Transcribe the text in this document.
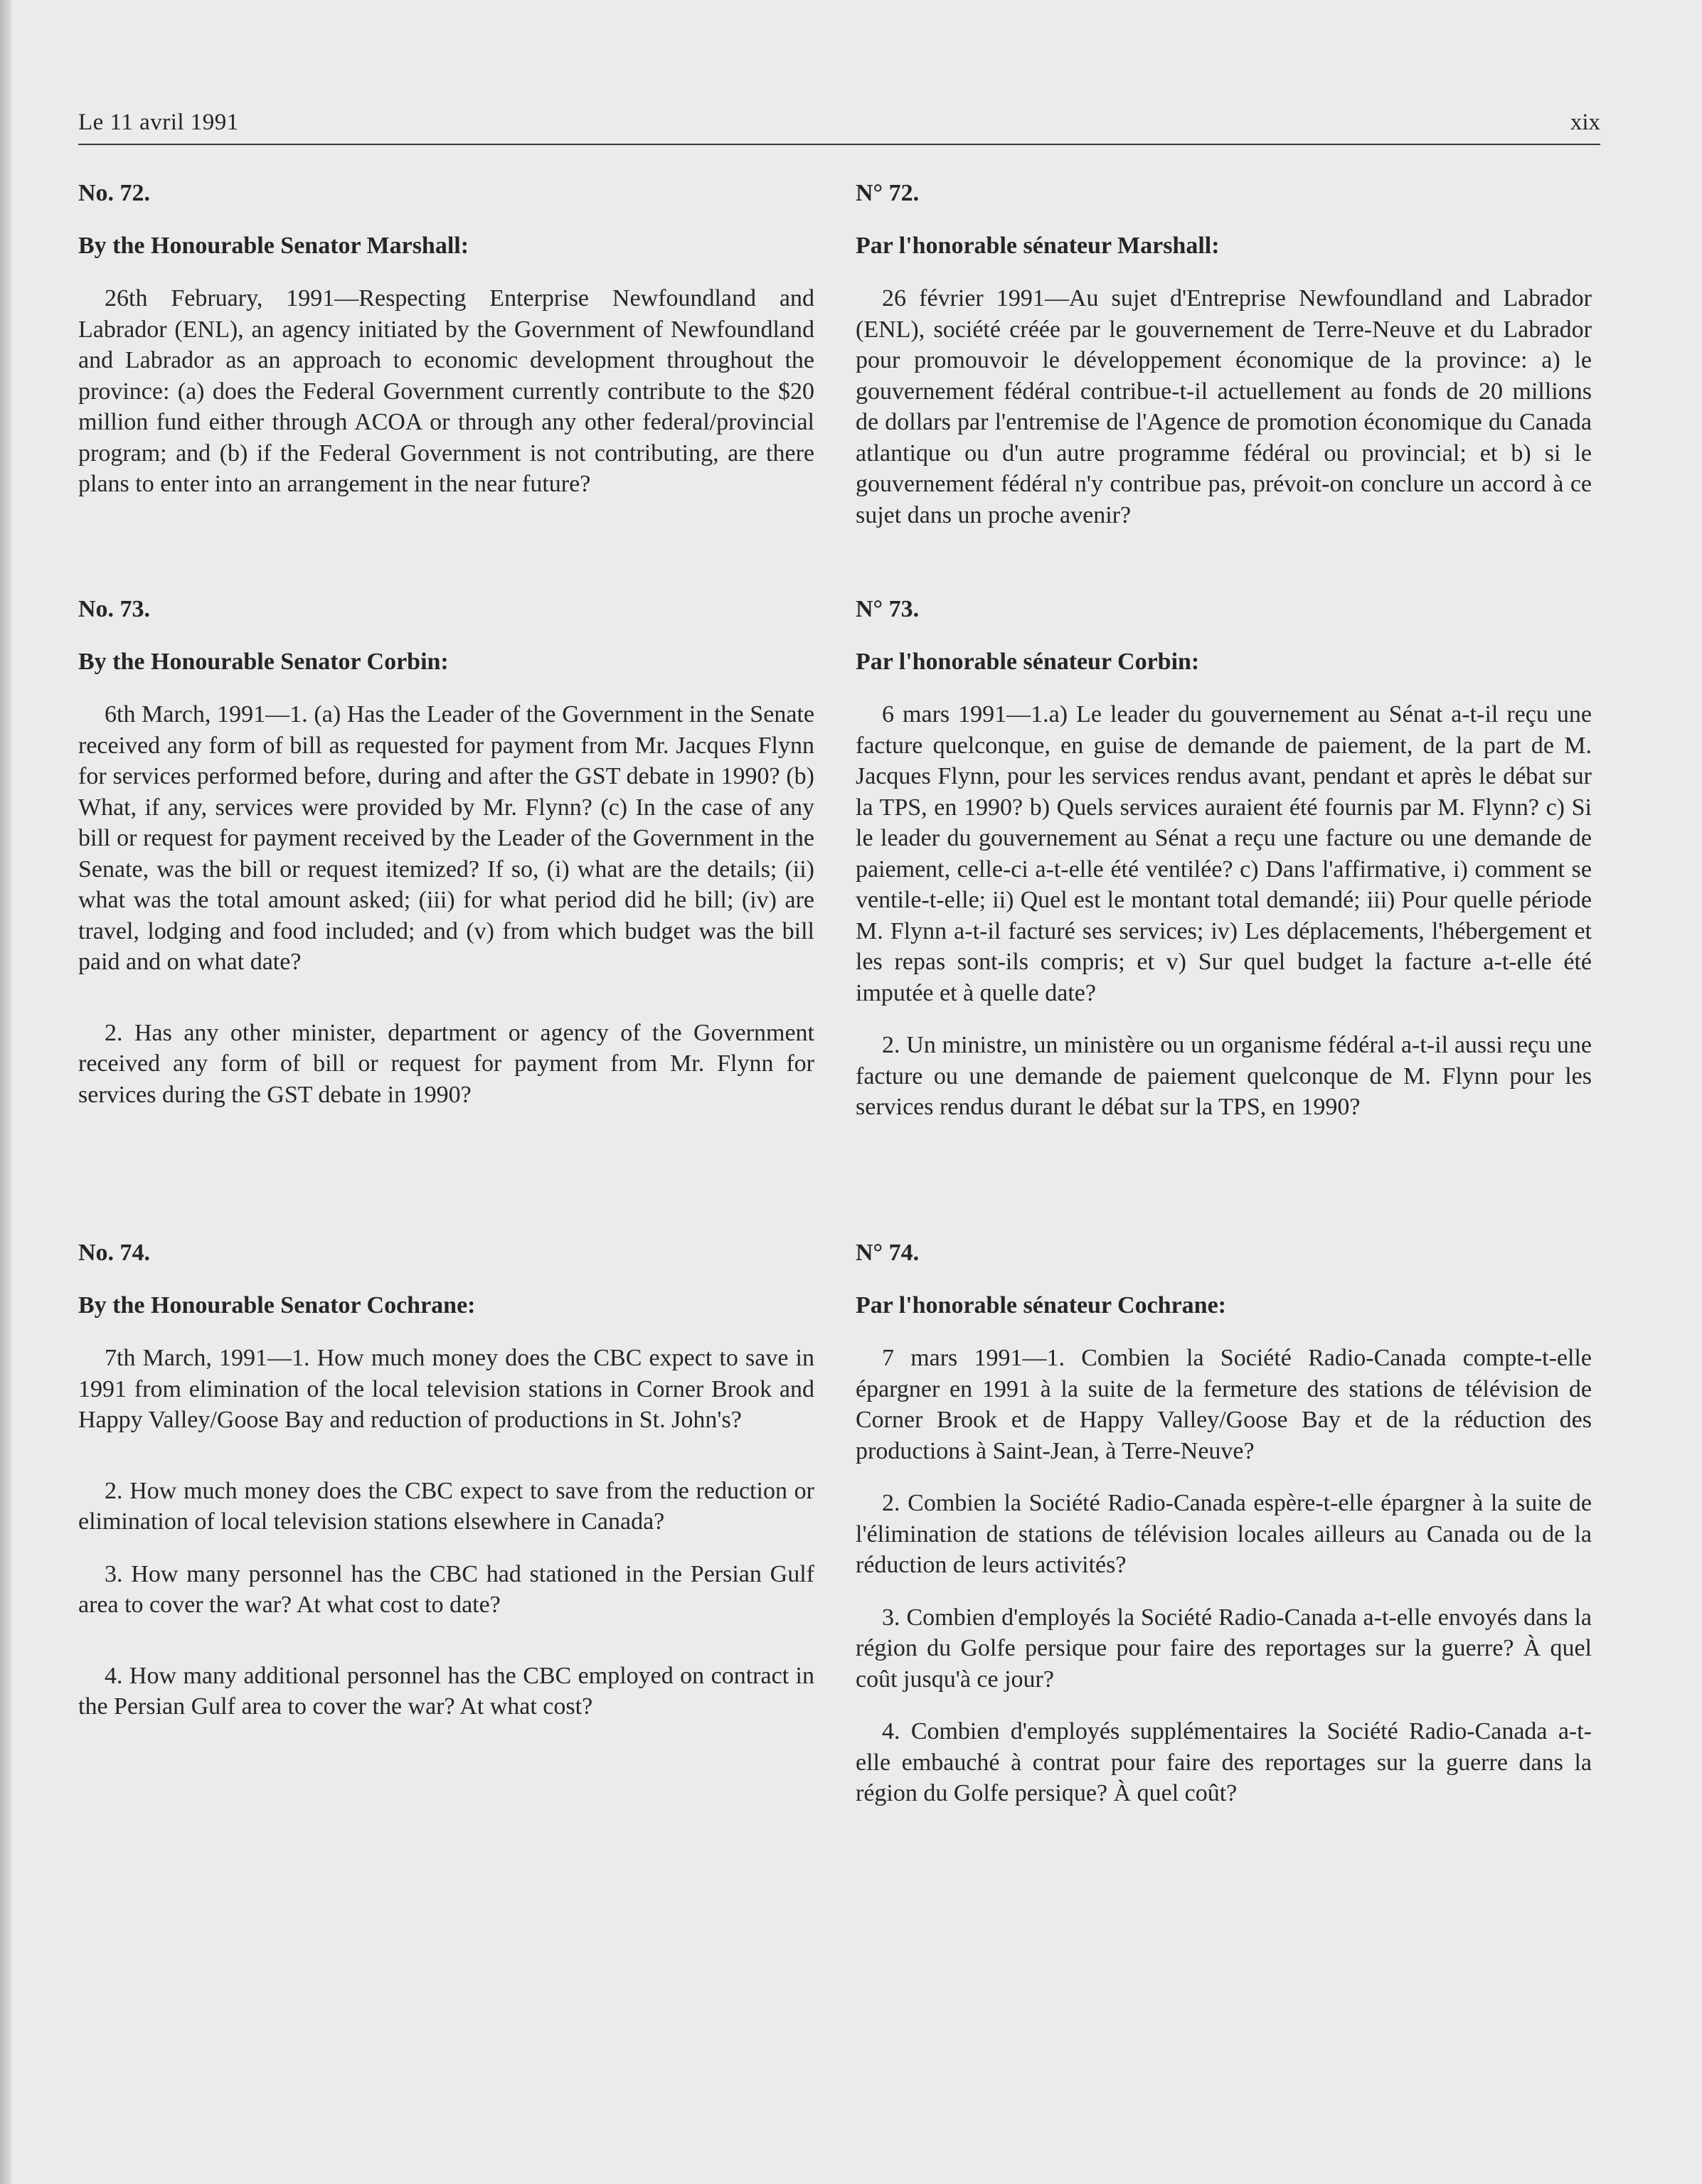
Le 11 avril 1991	xix

No. 72.

By the Honourable Senator Marshall:

26th February, 1991—Respecting Enterprise Newfoundland and Labrador (ENL), an agency initiated by the Government of Newfoundland and Labrador as an approach to economic development throughout the province: (a) does the Federal Government currently contribute to the $20 million fund either through ACOA or through any other federal/provincial program; and (b) if the Federal Government is not contributing, are there plans to enter into an arrangement in the near future?

No. 73.

By the Honourable Senator Corbin:

6th March, 1991—1. (a) Has the Leader of the Government in the Senate received any form of bill as requested for payment from Mr. Jacques Flynn for services performed before, during and after the GST debate in 1990? (b) What, if any, services were provided by Mr. Flynn? (c) In the case of any bill or request for payment received by the Leader of the Government in the Senate, was the bill or request itemized? If so, (i) what are the details; (ii) what was the total amount asked; (iii) for what period did he bill; (iv) are travel, lodging and food included; and (v) from which budget was the bill paid and on what date?

2. Has any other minister, department or agency of the Government received any form of bill or request for payment from Mr. Flynn for services during the GST debate in 1990?

No. 74.

By the Honourable Senator Cochrane:

7th March, 1991—1. How much money does the CBC expect to save in 1991 from elimination of the local television stations in Corner Brook and Happy Valley/Goose Bay and reduction of productions in St. John's?

2. How much money does the CBC expect to save from the reduction or elimination of local television stations elsewhere in Canada?

3. How many personnel has the CBC had stationed in the Persian Gulf area to cover the war? At what cost to date?

4. How many additional personnel has the CBC employed on contract in the Persian Gulf area to cover the war? At what cost?

N° 72.

Par l'honorable sénateur Marshall:

26 février 1991—Au sujet d'Entreprise Newfoundland and Labrador (ENL), société créée par le gouvernement de Terre-Neuve et du Labrador pour promouvoir le développement économique de la province: a) le gouvernement fédéral contribue-t-il actuellement au fonds de 20 millions de dollars par l'entremise de l'Agence de promotion économique du Canada atlantique ou d'un autre programme fédéral ou provincial; et b) si le gouvernement fédéral n'y contribue pas, prévoit-on conclure un accord à ce sujet dans un proche avenir?

N° 73.

Par l'honorable sénateur Corbin:

6 mars 1991—1.a) Le leader du gouvernement au Sénat a-t-il reçu une facture quelconque, en guise de demande de paiement, de la part de M. Jacques Flynn, pour les services rendus avant, pendant et après le débat sur la TPS, en 1990? b) Quels services auraient été fournis par M. Flynn? c) Si le leader du gouvernement au Sénat a reçu une facture ou une demande de paiement, celle-ci a-t-elle été ventilée? c) Dans l'affirmative, i) comment se ventile-t-elle; ii) Quel est le montant total demandé; iii) Pour quelle période M. Flynn a-t-il facturé ses services; iv) Les déplacements, l'hébergement et les repas sont-ils compris; et v) Sur quel budget la facture a-t-elle été imputée et à quelle date?

2. Un ministre, un ministère ou un organisme fédéral a-t-il aussi reçu une facture ou une demande de paiement quelconque de M. Flynn pour les services rendus durant le débat sur la TPS, en 1990?

N° 74.

Par l'honorable sénateur Cochrane:

7 mars 1991—1. Combien la Société Radio-Canada compte-t-elle épargner en 1991 à la suite de la fermeture des stations de télévision de Corner Brook et de Happy Valley/Goose Bay et de la réduction des productions à Saint-Jean, à Terre-Neuve?

2. Combien la Société Radio-Canada espère-t-elle épargner à la suite de l'élimination de stations de télévision locales ailleurs au Canada ou de la réduction de leurs activités?

3. Combien d'employés la Société Radio-Canada a-t-elle envoyés dans la région du Golfe persique pour faire des reportages sur la guerre? À quel coût jusqu'à ce jour?

4. Combien d'employés supplémentaires la Société Radio-Canada a-t-elle embauché à contrat pour faire des reportages sur la guerre dans la région du Golfe persique? À quel coût?
